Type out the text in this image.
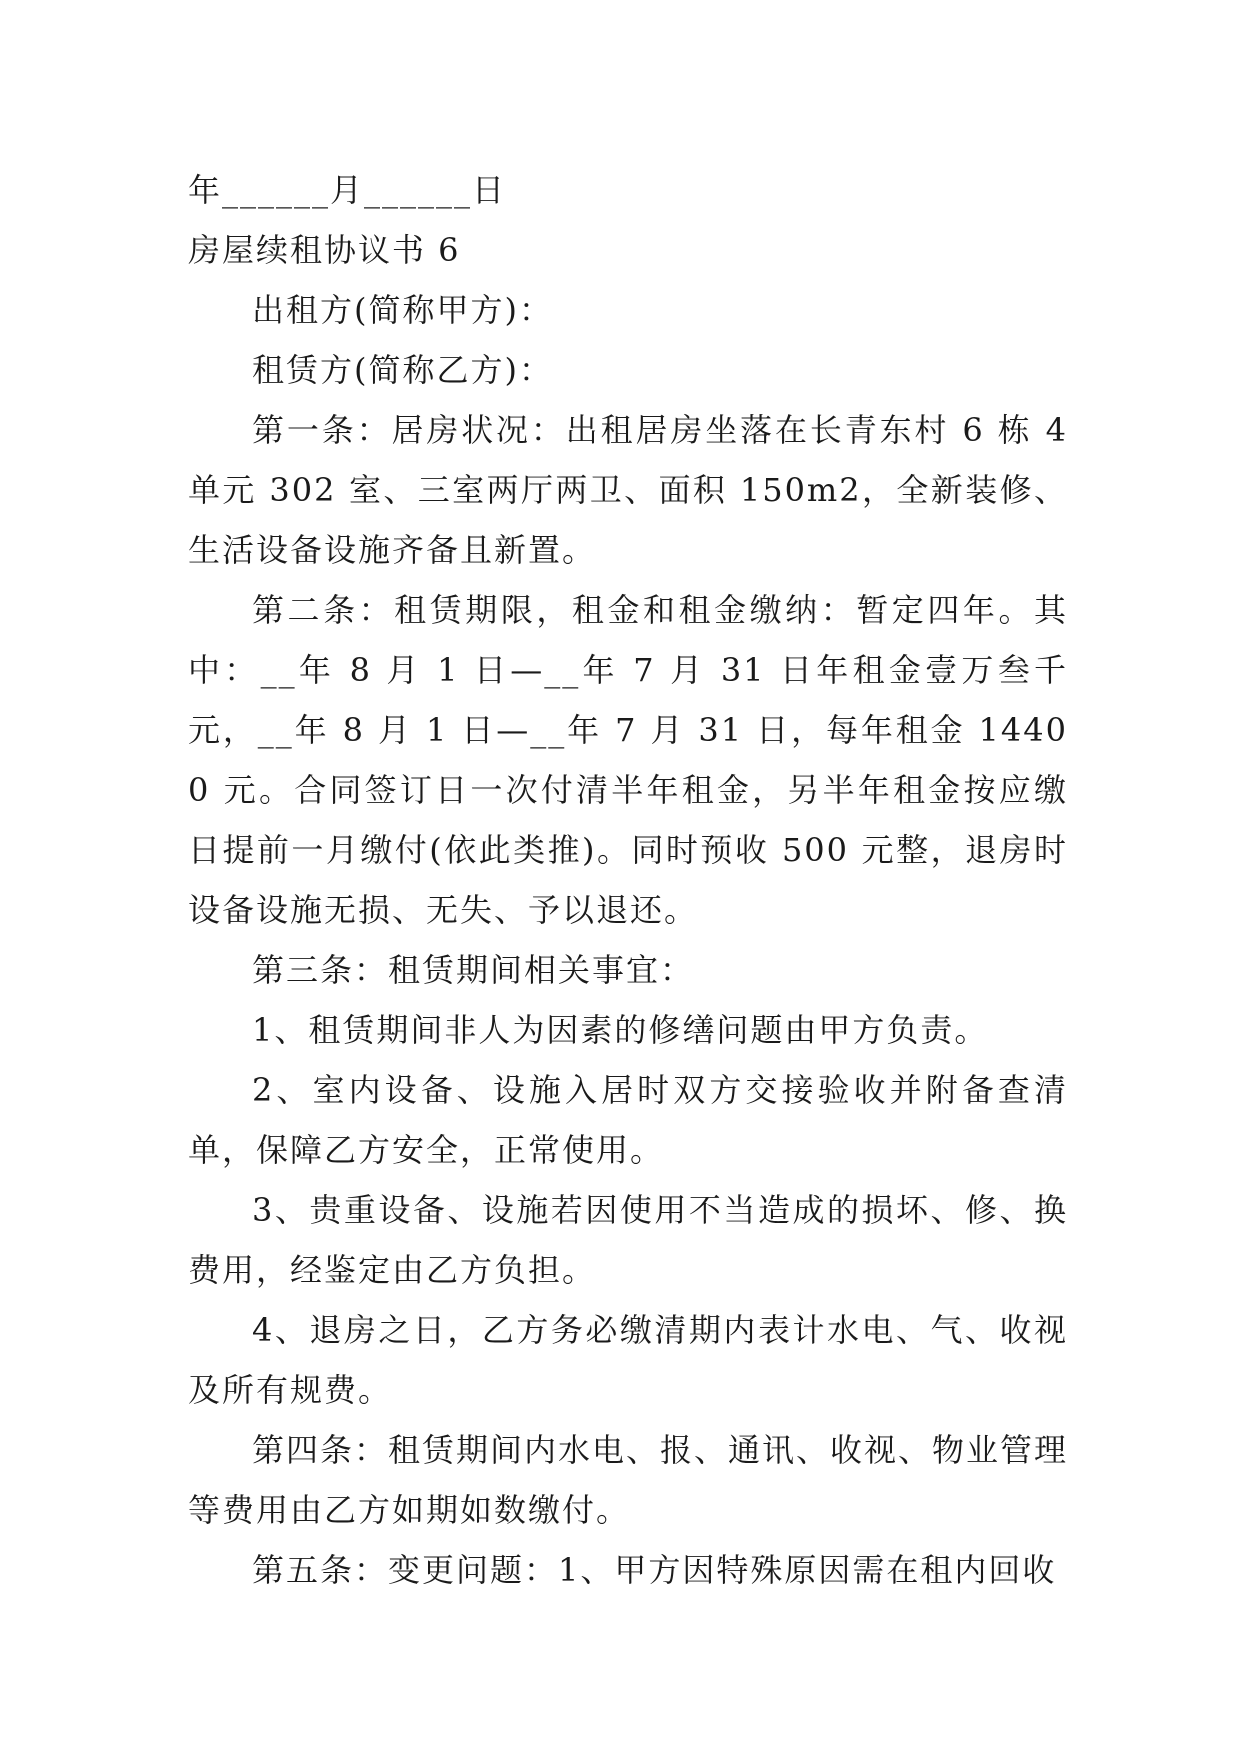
年______月______日

房屋续租协议书 6

出租方(简称甲方)：

租赁方(简称乙方)：

第一条：居房状况：出租居房坐落在长青东村 6 栋 4 单元 302 室、三室两厅两卫、面积 150m2，全新装修、生活设备设施齐备且新置。

第二条：租赁期限，租金和租金缴纳：暂定四年。其中：__年 8 月 1 日—__年 7 月 31 日年租金壹万叁千元，__年 8 月 1 日—__年 7 月 31 日，每年租金 14400 元。合同签订日一次付清半年租金，另半年租金按应缴日提前一月缴付(依此类推)。同时预收 500 元整，退房时设备设施无损、无失、予以退还。

第三条：租赁期间相关事宜：

1、租赁期间非人为因素的修缮问题由甲方负责。

2、室内设备、设施入居时双方交接验收并附备查清单，保障乙方安全，正常使用。

3、贵重设备、设施若因使用不当造成的损坏、修、换费用，经鉴定由乙方负担。

4、退房之日，乙方务必缴清期内表计水电、气、收视及所有规费。

第四条：租赁期间内水电、报、通讯、收视、物业管理等费用由乙方如期如数缴付。

第五条：变更问题：1、甲方因特殊原因需在租内回收
